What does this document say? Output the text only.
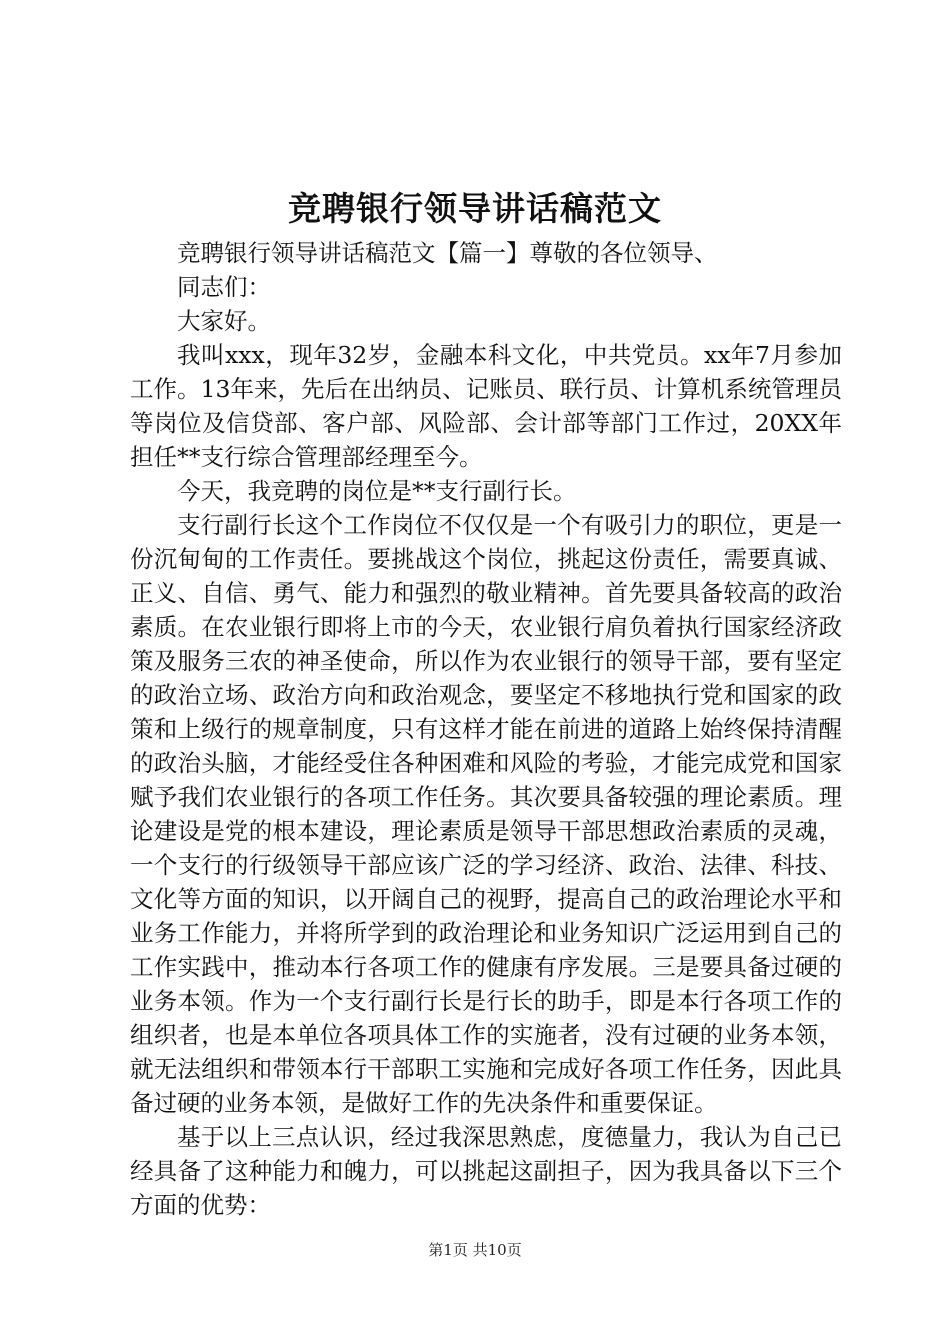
竞聘银行领导讲话稿范文

竞聘银行领导讲话稿范文【篇一】尊敬的各位领导、

同志们：

大家好。

我叫xxx，现年32岁，金融本科文化，中共党员。xx年7月参加工作。13年来，先后在出纳员、记账员、联行员、计算机系统管理员等岗位及信贷部、客户部、风险部、会计部等部门工作过，20XX年担任**支行综合管理部经理至今。

今天，我竞聘的岗位是**支行副行长。

支行副行长这个工作岗位不仅仅是一个有吸引力的职位，更是一份沉甸甸的工作责任。要挑战这个岗位，挑起这份责任，需要真诚、正义、自信、勇气、能力和强烈的敬业精神。首先要具备较高的政治素质。在农业银行即将上市的今天，农业银行肩负着执行国家经济政策及服务三农的神圣使命，所以作为农业银行的领导干部，要有坚定的政治立场、政治方向和政治观念，要坚定不移地执行党和国家的政策和上级行的规章制度，只有这样才能在前进的道路上始终保持清醒的政治头脑，才能经受住各种困难和风险的考验，才能完成党和国家赋予我们农业银行的各项工作任务。其次要具备较强的理论素质。理论建设是党的根本建设，理论素质是领导干部思想政治素质的灵魂，一个支行的行级领导干部应该广泛的学习经济、政治、法律、科技、文化等方面的知识，以开阔自己的视野，提高自己的政治理论水平和业务工作能力，并将所学到的政治理论和业务知识广泛运用到自己的工作实践中，推动本行各项工作的健康有序发展。三是要具备过硬的业务本领。作为一个支行副行长是行长的助手，即是本行各项工作的组织者，也是本单位各项具体工作的实施者，没有过硬的业务本领，就无法组织和带领本行干部职工实施和完成好各项工作任务，因此具备过硬的业务本领，是做好工作的先决条件和重要保证。

基于以上三点认识，经过我深思熟虑，度德量力，我认为自己已经具备了这种能力和魄力，可以挑起这副担子，因为我具备以下三个方面的优势：

第1页 共10页
